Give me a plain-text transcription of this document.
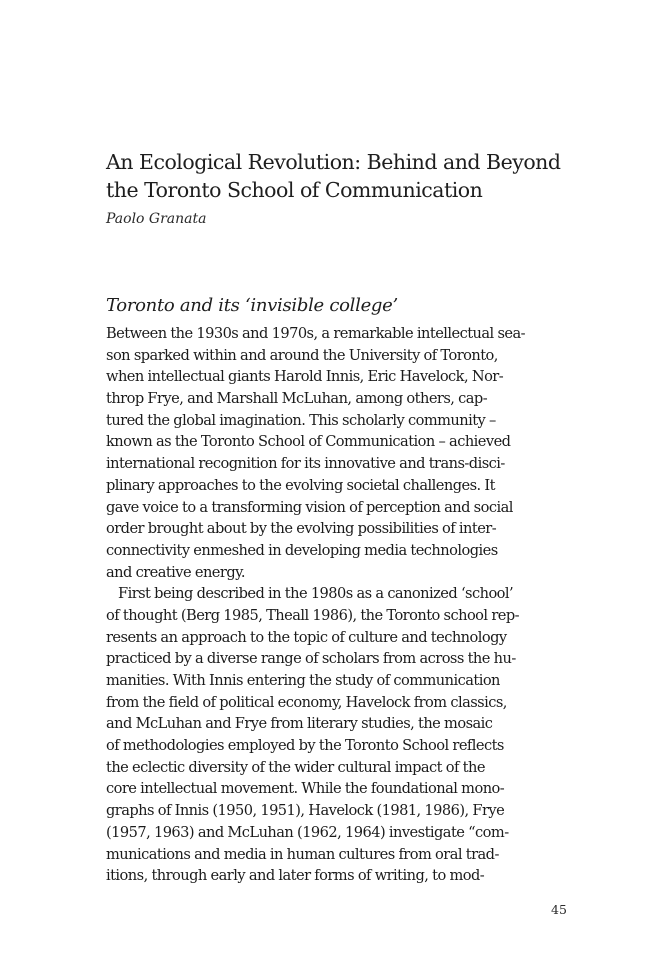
An Ecological Revolution: Behind and Beyond
the Toronto School of Communication

Paolo Granata

Toronto and its ‘invisible college’
Between the 1930s and 1970s, a remarkable intellectual sea-
son sparked within and around the University of Toronto,
when intellectual giants Harold Innis, Eric Havelock, Nor-
throp Frye, and Marshall McLuhan, among others, cap-
tured the global imagination. This scholarly community –
known as the Toronto School of Communication – achieved
international recognition for its innovative and trans-disci-
plinary approaches to the evolving societal challenges. It
gave voice to a transforming vision of perception and social
order brought about by the evolving possibilities of inter-
connectivity enmeshed in developing media technologies
and creative energy.
First being described in the 1980s as a canonized ‘school’
of thought (Berg 1985, Theall 1986), the Toronto school rep-
resents an approach to the topic of culture and technology
practiced by a diverse range of scholars from across the hu-
manities. With Innis entering the study of communication
from the field of political economy, Havelock from classics,
and McLuhan and Frye from literary studies, the mosaic
of methodologies employed by the Toronto School reflects
the eclectic diversity of the wider cultural impact of the
core intellectual movement. While the foundational mono-
graphs of Innis (1950, 1951), Havelock (1981, 1986), Frye
(1957, 1963) and McLuhan (1962, 1964) investigate “com-
munications and media in human cultures from oral trad-
itions, through early and later forms of writing, to mod-
45
